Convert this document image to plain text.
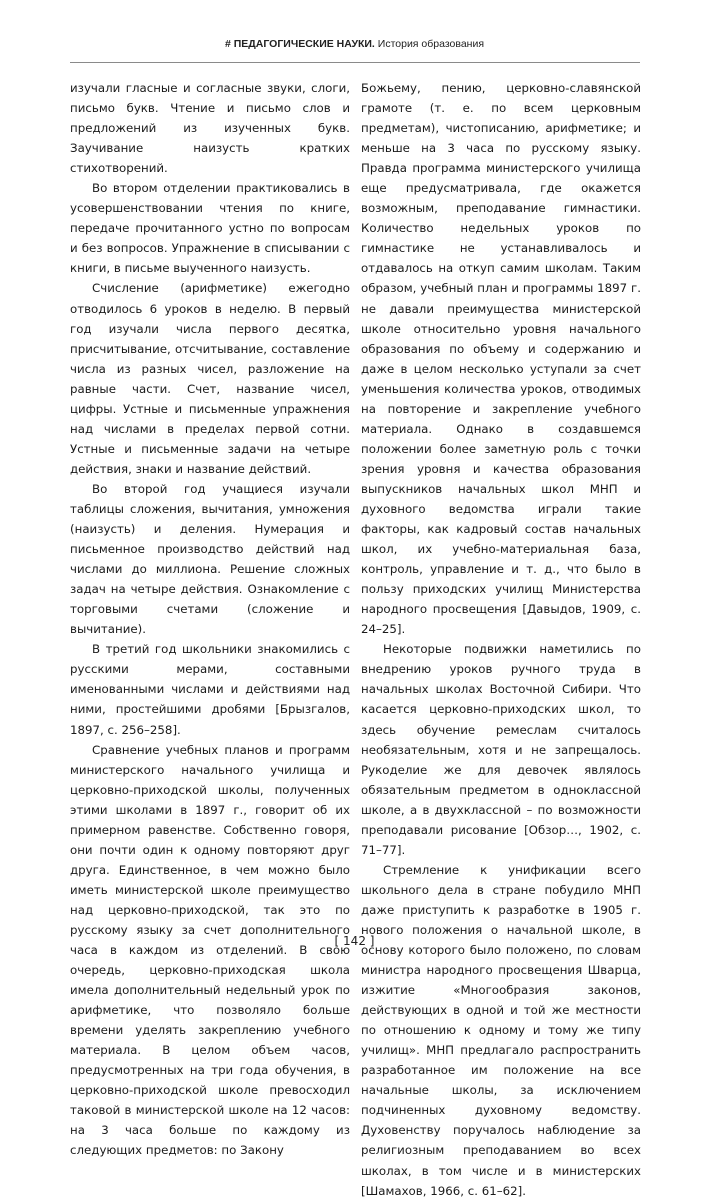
# ПЕДАГОГИЧЕСКИЕ НАУКИ. История образования

изучали гласные и согласные звуки, слоги, письмо букв. Чтение и письмо слов и предложений из изученных букв. Заучивание наизусть кратких стихотворений.

Во втором отделении практиковались в усовершенствовании чтения по книге, передаче прочитанного устно по вопросам и без вопросов. Упражнение в списывании с книги, в письме выученного наизусть.

Счисление (арифметике) ежегодно отводилось 6 уроков в неделю. В первый год изучали числа первого десятка, присчитывание, отсчитывание, составление числа из разных чисел, разложение на равные части. Счет, название чисел, цифры. Устные и письменные упражнения над числами в пределах первой сотни. Устные и письменные задачи на четыре действия, знаки и название действий.

Во второй год учащиеся изучали таблицы сложения, вычитания, умножения (наизусть) и деления. Нумерация и письменное производство действий над числами до миллиона. Решение сложных задач на четыре действия. Ознакомление с торговыми счетами (сложение и вычитание).

В третий год школьники знакомились с русскими мерами, составными именованными числами и действиями над ними, простейшими дробями [Брызгалов, 1897, с. 256–258].

Сравнение учебных планов и программ министерского начального училища и церковно-приходской школы, полученных этими школами в 1897 г., говорит об их примерном равенстве. Собственно говоря, они почти один к одному повторяют друг друга. Единственное, в чем можно было иметь министерской школе преимущество над церковно-приходской, так это по русскому языку за счет дополнительного часа в каждом из отделений. В свою очередь, церковно-приходская школа имела дополнительный недельный урок по арифметике, что позволяло больше времени уделять закреплению учебного материала. В целом объем часов, предусмотренных на три года обучения, в церковно-приходской школе превосходил таковой в министерской школе на 12 часов: на 3 часа больше по каждому из следующих предметов: по Закону

Божьему, пению, церковно-славянской грамоте (т. е. по всем церковным предметам), чистописанию, арифметике; и меньше на 3 часа по русскому языку. Правда программа министерского училища еще предусматривала, где окажется возможным, преподавание гимнастики. Количество недельных уроков по гимнастике не устанавливалось и отдавалось на откуп самим школам. Таким образом, учебный план и программы 1897 г. не давали преимущества министерской школе относительно уровня начального образования по объему и содержанию и даже в целом несколько уступали за счет уменьшения количества уроков, отводимых на повторение и закрепление учебного материала. Однако в создавшемся положении более заметную роль с точки зрения уровня и качества образования выпускников начальных школ МНП и духовного ведомства играли такие факторы, как кадровый состав начальных школ, их учебно-материальная база, контроль, управление и т. д., что было в пользу приходских училищ Министерства народного просвещения [Давыдов, 1909, с. 24–25].

Некоторые подвижки наметились по внедрению уроков ручного труда в начальных школах Восточной Сибири. Что касается церковно-приходских школ, то здесь обучение ремеслам считалось необязательным, хотя и не запрещалось. Рукоделие же для девочек являлось обязательным предметом в одноклассной школе, а в двухклассной – по возможности преподавали рисование [Обзор…, 1902, с. 71–77].

Стремление к унификации всего школьного дела в стране побудило МНП даже приступить к разработке в 1905 г. нового положения о начальной школе, в основу которого было положено, по словам министра народного просвещения Шварца, изжитие «Многообразия законов, действующих в одной и той же местности по отношению к одному и тому же типу училищ». МНП предлагало распространить разработанное им положение на все начальные школы, за исключением подчиненных духовному ведомству. Духовенству поручалось наблюдение за религиозным преподаванием во всех школах, в том числе и в министерских [Шамахов, 1966, с. 61–62].

[ 142 ]
